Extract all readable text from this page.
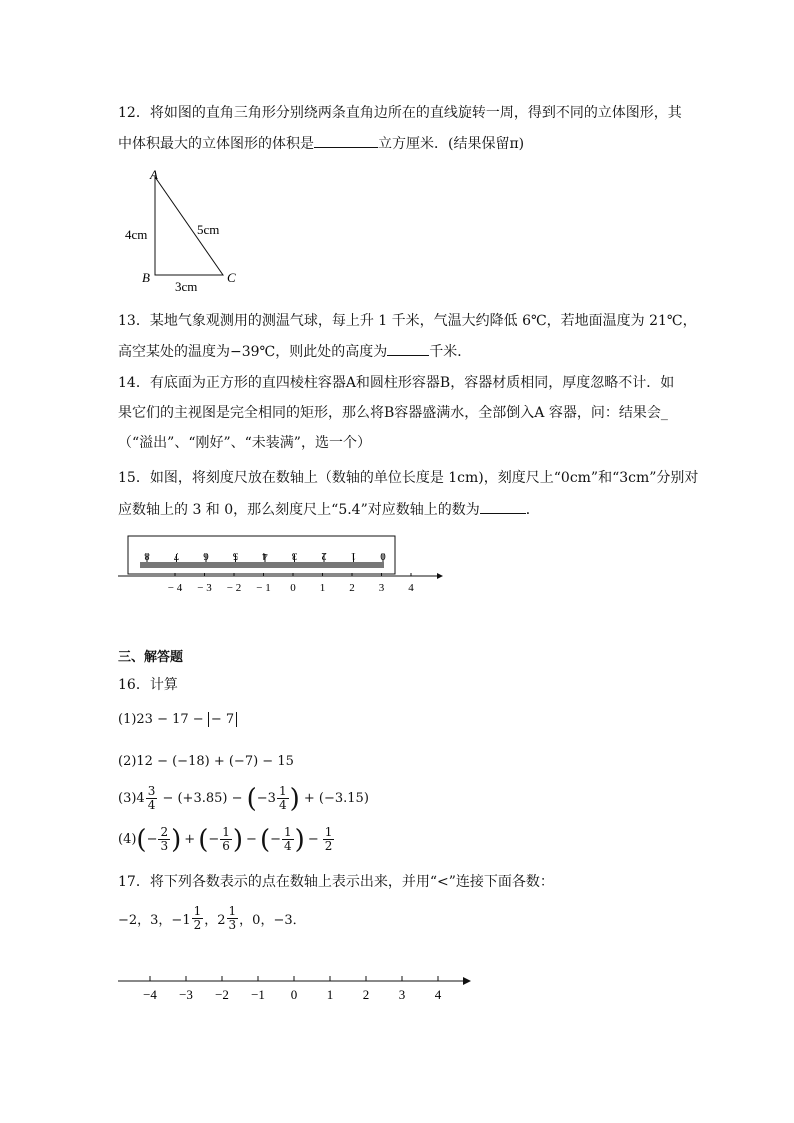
12．将如图的直角三角形分别绕两条直角边所在的直线旋转一周，得到不同的立体图形，其
中体积最大的立体图形的体积是	立方厘米．(结果保留π)
A
B	C
4cm	5cm
3cm
13．某地气象观测用的测温气球，每上升 1 千米，气温大约降低 6℃，若地面温度为 21℃，
高空某处的温度为−39℃，则此处的高度为	千米．
14．有底面为正方形的直四棱柱容器A和圆柱形容器B，容器材质相同，厚度忽略不计．如
果它们的主视图是完全相同的矩形，那么将B容器盛满水，全部倒入A 容器，问：结果会_
（“溢出”、“刚好”、“未装满”，选一个）
15．如图，将刻度尺放在数轴上（数轴的单位长度是 1cm)，刻度尺上“0cm”和“3cm”分别对
应数轴上的 3 和 0，那么刻度尺上“5.4”对应数轴上的数为	．
8 7 6 5 4 3 2 1 0
− 4 − 3 − 2 − 1 0 1 2 3 4
三、解答题
16．计算
(1)23 − 17 − − 7
(2)12 − (−18) + (−7) − 15
$(3)4 \frac{3}{4} - (+3.85)$ − ( $-3 \frac{1}{4}$ ) + (−3.15)
(4) ( − $\frac{2}{3}$ ) + ( − $\frac{1}{6}$ ) − ( − $\frac{1}{4}$ ) − $\frac{1}{2}$
17．将下列各数表示的点在数轴上表示出来，并用“<”连接下面各数：
−2，3，$-1 \frac{1}{2}$ ，$2 \frac{1}{3}$ ，0，−3．
−4 −3 −2 −1 0 1 2 3 4
